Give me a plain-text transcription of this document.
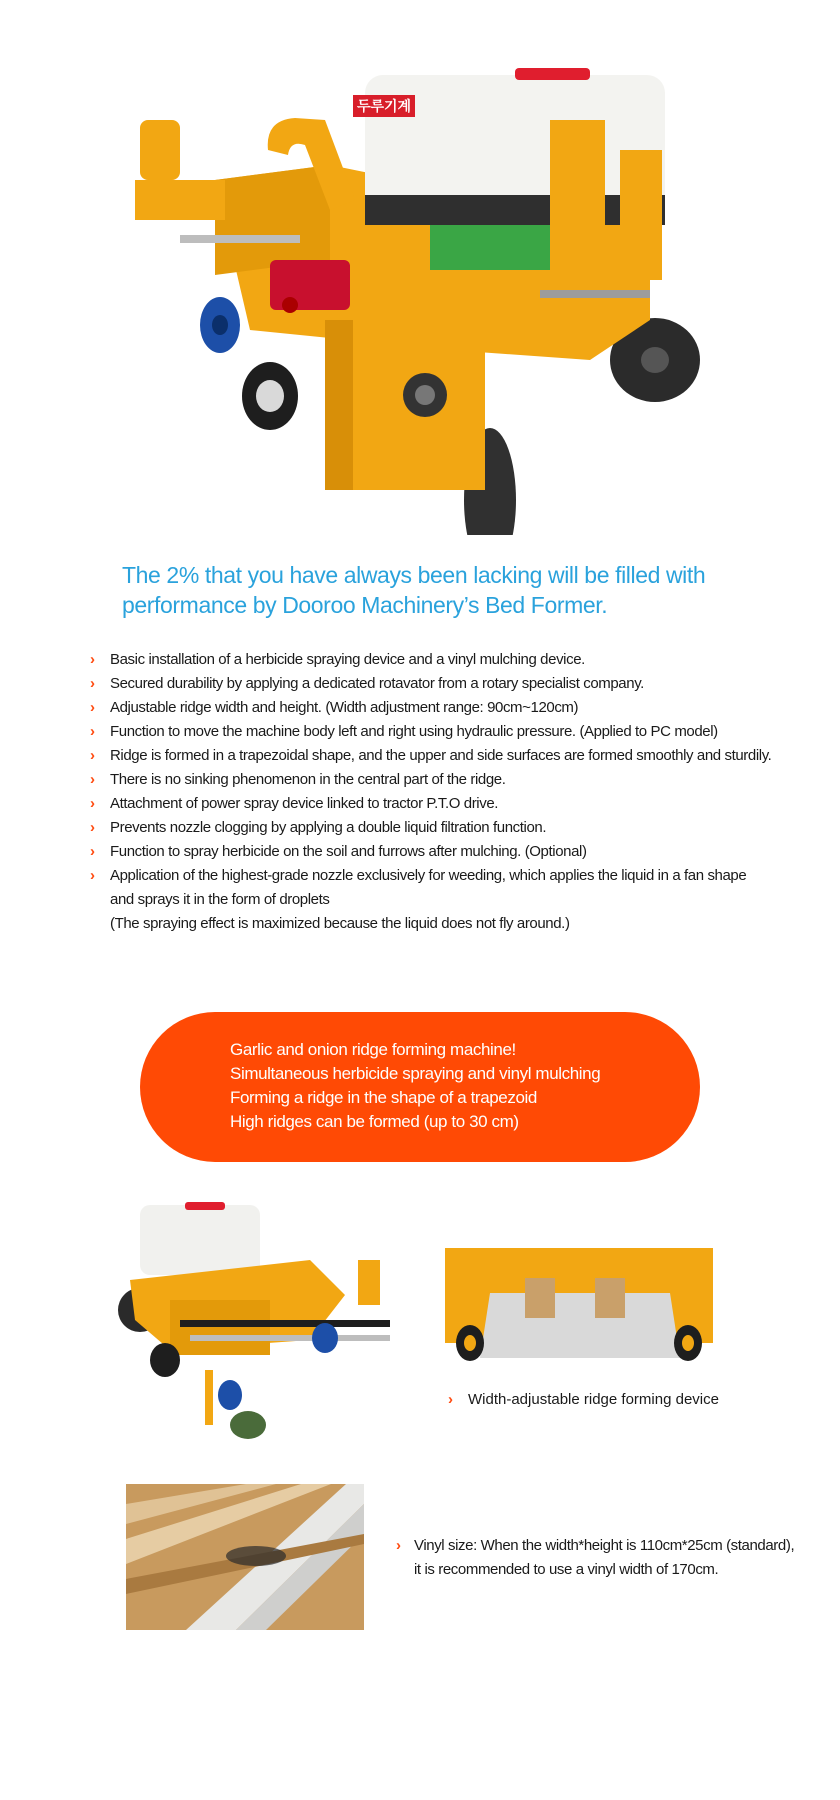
두루기계
The 2% that you have always been lacking will be filled with
performance by Dooroo Machinery’s Bed Former.
› Basic installation of a herbicide spraying device and a vinyl mulching device.
› Secured durability by applying a dedicated rotavator from a rotary specialist company.
› Adjustable ridge width and height. (Width adjustment range: 90cm~120cm)
› Function to move the machine body left and right using hydraulic pressure. (Applied to PC model)
› Ridge is formed in a trapezoidal shape, and the upper and side surfaces are formed smoothly and sturdily.
› There is no sinking phenomenon in the central part of the ridge.
› Attachment of power spray device linked to tractor P.T.O drive.
› Prevents nozzle clogging by applying a double liquid filtration function.
› Function to spray herbicide on the soil and furrows after mulching. (Optional)
› Application of the highest-grade nozzle exclusively for weeding, which applies the liquid in a fan shape
and sprays it in the form of droplets
(The spraying effect is maximized because the liquid does not fly around.)
Garlic and onion ridge forming machine!
Simultaneous herbicide spraying and vinyl mulching
Forming a ridge in the shape of a trapezoid
High ridges can be formed (up to 30 cm)
› Width-adjustable ridge forming device
› Vinyl size: When the width*height is 110cm*25cm (standard),
it is recommended to use a vinyl width of 170cm.
